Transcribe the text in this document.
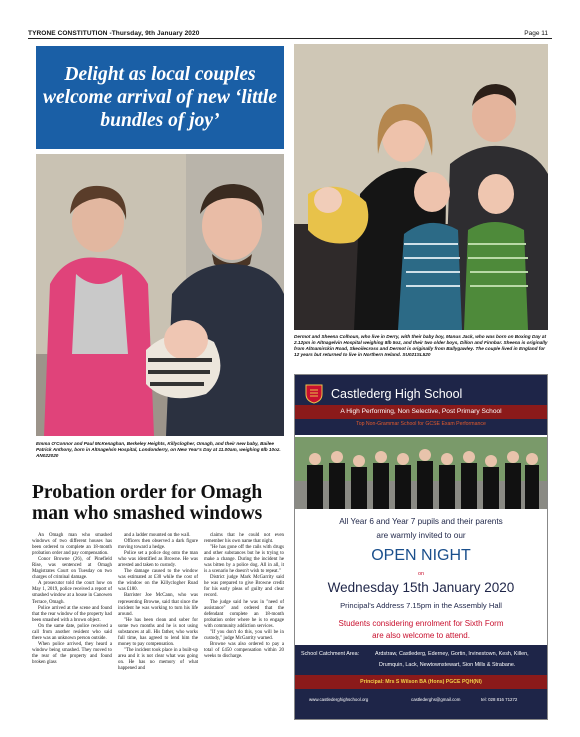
TYRONE CONSTITUTION -Thursday, 9th January 2020	Page 11
Delight as local couples welcome arrival of new ‘little bundles of joy’
Emma O'Connor and Paul McKenaghan, Berkeley Heights, Killyclogher, Omagh, and their new baby, Bailee Patrick Anthony, born in Altnagelvin Hospital, Londonderry, on New Year's Day at 11.00am, weighing 6lb 10oz. AN022020
Dermot and Sheena Colhoun, who live in Derry, with their baby boy, Manus Jack, who was born on Boxing Day at 2.12pm in Altnagelvin Hospital weighing 8lb 5oz, and their two older boys, Dillon and Finnbar. Sheena is originally from Altnamirckin Road, Skeoilecross and Dermot is originally from Ballygawley. The couple lived in England for 12 years but returned to live in Northern Ireland. SU021SL520
Probation order for Omagh man who smashed windows

An Omagh man who smashed windows of two different houses has been ordered to complete an 18-month probation order and pay compensation.

Conor Browne (26), of Pinefield Rise, was sentenced at Omagh Magistrates Court on Tuesday on two charges of criminal damage.

A prosecutor told the court how on May 1, 2019, police received a report of smashed window at a house in Canowen Terrace, Omagh.

Police arrived at the scene and found that the rear window of the property had been smashed with a brown object.

On the same date, police received a call from another resident who said there was an unknown person outside.

When police arrived, they heard a window being smashed. They moved to the rear of the property and found broken glass

and a ladder mounted on the wall.

Officers then observed a dark figure moving toward a hedge.

Police set a police dog onto the man who was identified as Browne. He was arrested and taken to custody.

The damage caused to the window was estimated at £30 while the cost of the window on the Killyclogher Road was £180.

Barrister Joe McCann, who was representing Browne, said that since the incident he was working to turn his life around.

"He has been clean and sober for some two months and he is not using substances at all. His father, who works full time, has agreed to lend him the money to pay compensation.

"The incident took place in a built-up area and it is not clear what was going on. He has no memory of what happened and

claims that he could not even remember his own name that night.

"He has gone off the rails with drugs and other substances but he is trying to make a change. During the incident he was bitten by a police dog. All in all, it is a scenario he doesn't wish to repeat."

District judge Mark McGarrity said he was prepared to give Browne credit for his early pleas of guilty and clear record.

The judge said he was in "need of assistance" and ordered that the defendant complete an 18-month probation order where he is to engage with community addiction services.

"If you don't do this, you will be in custody," judge McGarrity warned.

Browne was also ordered to pay a total of £450 compensation within 20 weeks to discharge.

Castlederg High School
A High Performing, Non Selective, Post Primary School
Top Non-Grammar School for GCSE Exam Performance
All Year 6 and Year 7 pupils and their parents
are warmly invited to our
OPEN NIGHT
on
Wednesday 15th January 2020
Principal's Address 7.15pm in the Assembly Hall
Students considering enrolment for Sixth Form
are also welcome to attend.
School Catchment Area:	Ardstraw, Castlederg, Ederney, Gortin, Irvinestown, Kesh, Killen,
Drumquin, Lack, Newtownstewart, Sion Mills & Strabane.
Principal: Mrs S Wilson BA (Hons) PGCE PQH(NI)
www.castlederghighschool.org	castlederghs@gmail.com	tel: 028 816 71272
